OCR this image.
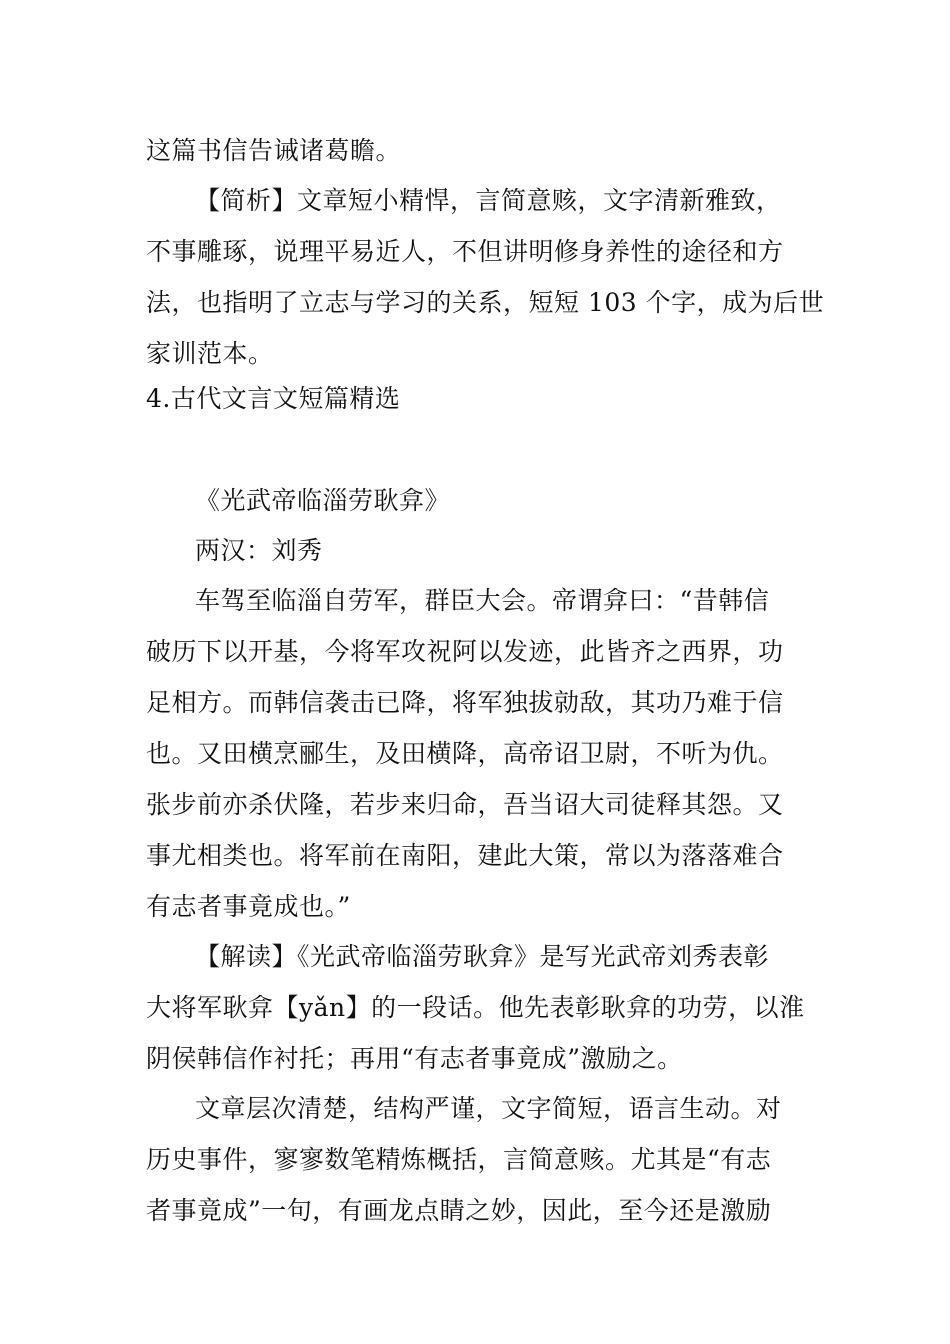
这篇书信告诫诸葛瞻。
【简析】文章短小精悍，言简意赅，文字清新雅致，
不事雕琢，说理平易近人，不但讲明修身养性的途径和方
法，也指明了立志与学习的关系，短短 103 个字，成为后世
家训范本。
4.古代文言文短篇精选
《光武帝临淄劳耿弇》
两汉：刘秀
车驾至临淄自劳军，群臣大会。帝谓弇曰：“昔韩信
破历下以开基，今将军攻祝阿以发迹，此皆齐之西界，功
足相方。而韩信袭击已降，将军独拔勍敌，其功乃难于信
也。又田横烹郦生，及田横降，高帝诏卫尉，不听为仇。
张步前亦杀伏隆，若步来归命，吾当诏大司徒释其怨。又
事尤相类也。将军前在南阳，建此大策，常以为落落难合
有志者事竟成也。”
【解读】《光武帝临淄劳耿弇》是写光武帝刘秀表彰
大将军耿弇【yǎn】的一段话。他先表彰耿弇的功劳，以淮
阴侯韩信作衬托；再用“有志者事竟成”激励之。
文章层次清楚，结构严谨，文字简短，语言生动。对
历史事件，寥寥数笔精炼概括，言简意赅。尤其是“有志
者事竟成”一句，有画龙点睛之妙，因此，至今还是激励
